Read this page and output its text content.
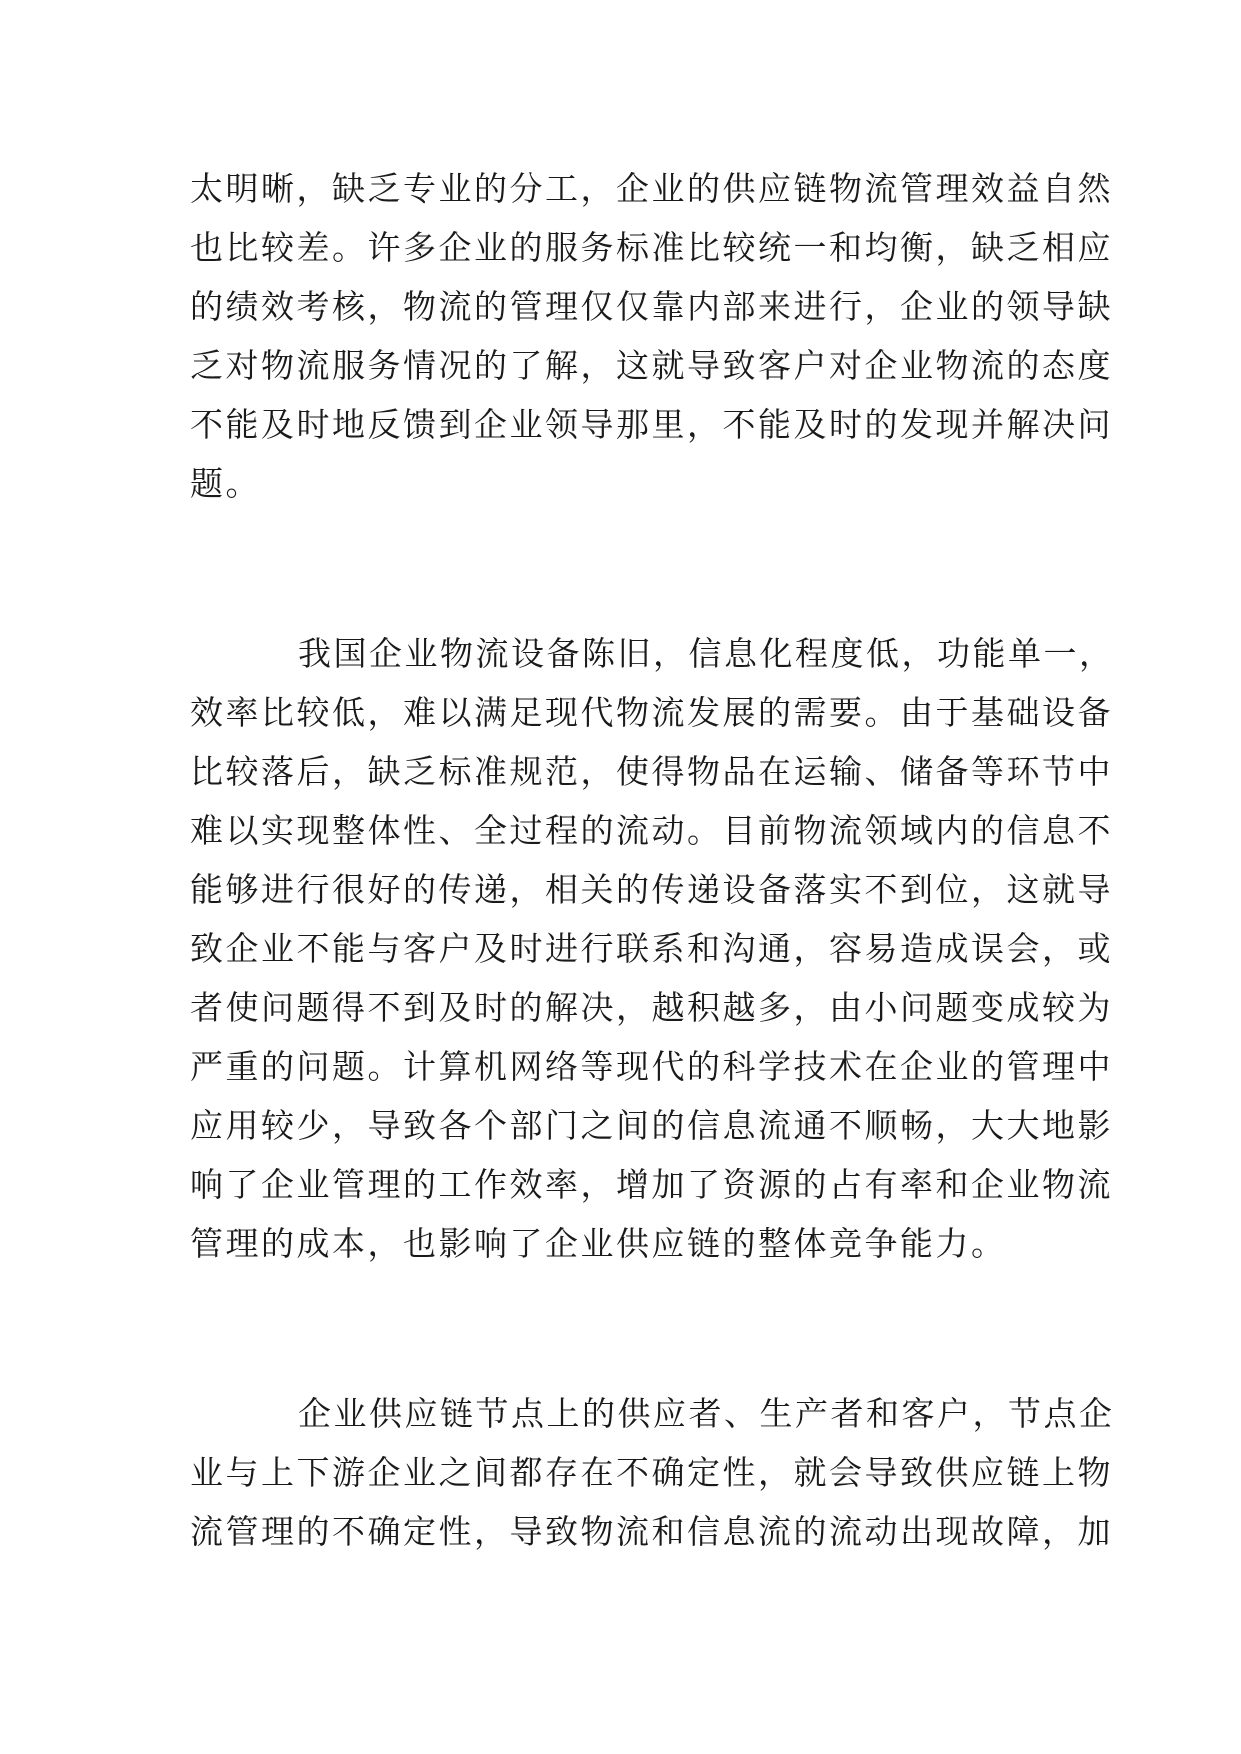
太明晰，缺乏专业的分工，企业的供应链物流管理效益自然
也比较差。许多企业的服务标准比较统一和均衡，缺乏相应
的绩效考核，物流的管理仅仅靠内部来进行，企业的领导缺
乏对物流服务情况的了解，这就导致客户对企业物流的态度
不能及时地反馈到企业领导那里，不能及时的发现并解决问
题。
我国企业物流设备陈旧，信息化程度低，功能单一，
效率比较低，难以满足现代物流发展的需要。由于基础设备
比较落后，缺乏标准规范，使得物品在运输、储备等环节中
难以实现整体性、全过程的流动。目前物流领域内的信息不
能够进行很好的传递，相关的传递设备落实不到位，这就导
致企业不能与客户及时进行联系和沟通，容易造成误会，或
者使问题得不到及时的解决，越积越多，由小问题变成较为
严重的问题。计算机网络等现代的科学技术在企业的管理中
应用较少，导致各个部门之间的信息流通不顺畅，大大地影
响了企业管理的工作效率，增加了资源的占有率和企业物流
管理的成本，也影响了企业供应链的整体竞争能力。
企业供应链节点上的供应者、生产者和客户，节点企
业与上下游企业之间都存在不确定性，就会导致供应链上物
流管理的不确定性，导致物流和信息流的流动出现故障，加
